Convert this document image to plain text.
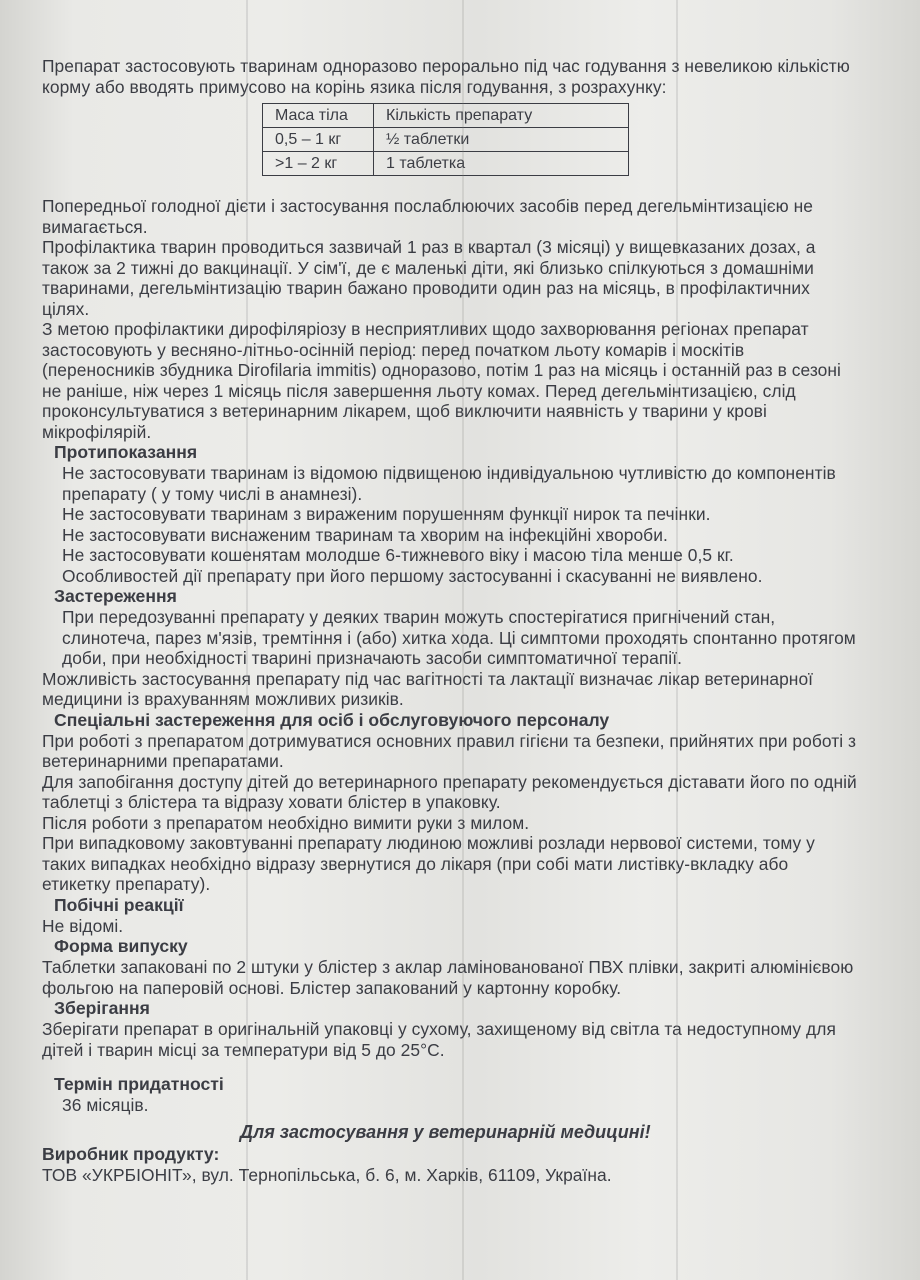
Препарат застосовують тваринам одноразово перорально під час годування з невеликою кількістю корму або вводять примусово на корінь язика після годування, з розрахунку:

Маса тіла	Кількість препарату
0,5 – 1 кг	½ таблетки
>1 – 2 кг	1 таблетка

Попередньої голодної дієти і застосування послаблюючих засобів перед дегельмінтизацією не вимагається.

Профілактика тварин проводиться зазвичай 1 раз в квартал (3 місяці) у вищевказаних дозах, а також за 2 тижні до вакцинації. У сім'ї, де є маленькі діти, які близько спілкуються з домашніми тваринами, дегельмінтизацію тварин бажано проводити один раз на місяць, в профілактичних цілях.

З метою профілактики дирофіляріозу в несприятливих щодо захворювання регіонах препарат застосовують у весняно-літньо-осінній період: перед початком льоту комарів і москітів (переносників збудника Dirofilaria immitis) одноразово, потім 1 раз на місяць і останній раз в сезоні не раніше, ніж через 1 місяць після завершення льоту комах. Перед дегельмінтизацією, слід проконсультуватися з ветеринарним лікарем, щоб виключити наявність у тварини у крові мікрофілярій.

Протипоказання

Не застосовувати тваринам із відомою підвищеною індивідуальною чутливістю до компонентів препарату ( у тому числі в анамнезі).

Не застосовувати тваринам з вираженим порушенням функції нирок та печінки.

Не застосовувати виснаженим тваринам та хворим на інфекційні хвороби.

Не застосовувати кошенятам молодше 6-тижневого віку і масою тіла менше 0,5 кг.

Особливостей дії препарату при його першому застосуванні і скасуванні не виявлено.

Застереження

При передозуванні препарату у деяких тварин можуть спостерігатися пригнічений стан, слинотеча, парез м'язів, тремтіння і (або) хитка хода. Ці симптоми проходять спонтанно протягом доби, при необхідності тварині призначають засоби симптоматичної терапії.

Можливість застосування препарату під час вагітності та лактації визначає лікар ветеринарної медицини із врахуванням можливих ризиків.

Спеціальні застереження для осіб і обслуговуючого персоналу

При роботі з препаратом дотримуватися основних правил гігієни та безпеки, прийнятих при роботі з ветеринарними препаратами.

Для запобігання доступу дітей до ветеринарного препарату рекомендується діставати його по одній таблетці з блістера та відразу ховати блістер в упаковку.

Після роботи з препаратом необхідно вимити руки з милом.

При випадковому заковтуванні препарату людиною можливі розлади нервової системи, тому у таких випадках необхідно відразу звернутися до лікаря (при собі мати листівку-вкладку або етикетку препарату).

Побічні реакції

Не відомі.

Форма випуску

Таблетки запаковані по 2 штуки у блістер з аклар ламінованованої ПВХ плівки, закриті алюмінієвою фольгою на паперовій основі. Блістер запакований у картонну коробку.

Зберігання

Зберігати препарат в оригінальній упаковці у сухому, захищеному від світла та недоступному для дітей і тварин місці за температури від 5 до 25°С.

Термін придатності

36 місяців.

Для застосування у ветеринарній медицині!

Виробник продукту:

ТОВ «УКРБІОНІТ», вул. Тернопільська, б. 6, м. Харків, 61109, Україна.
